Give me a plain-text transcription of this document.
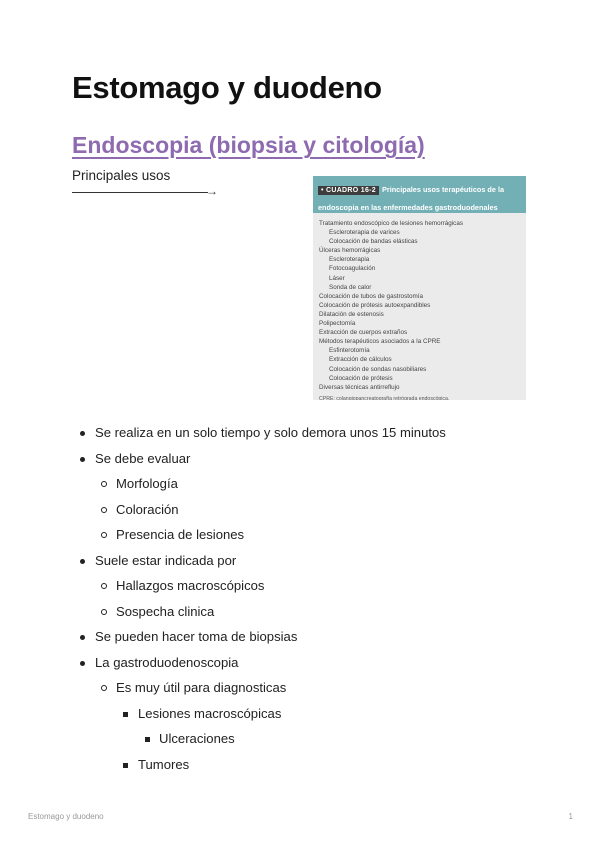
Estomago y duodeno
Endoscopia (biopsia y citología)
Principales usos
→	• CUADRO 16-2 Principales usos terapéuticos de la endoscopia en las enfermedades gastroduodenales
Tratamiento endoscópico de lesiones hemorrágicas
Escleroterapia de varices
Colocación de bandas elásticas
Úlceras hemorrágicas
Escleroterapia
Fotocoagulación
Láser
Sonda de calor
Colocación de tubos de gastrostomía
Colocación de prótesis autoexpandibles
Dilatación de estenosis
Polipectomía
Extracción de cuerpos extraños
Métodos terapéuticos asociados a la CPRE
Esfinterotomía
Extracción de cálculos
Colocación de sondas nasobiliares
Colocación de prótesis
Diversas técnicas antirreflujo
CPRE: colangiopancreatografía retrógrada endoscópica.
Se realiza en un solo tiempo y solo demora unos 15 minutos
Se debe evaluar
Morfología
Coloración
Presencia de lesiones
Suele estar indicada por
Hallazgos macroscópicos
Sospecha clinica
Se pueden hacer toma de biopsias
La gastroduodenoscopia
Es muy útil para diagnosticas
Lesiones macroscópicas
Ulceraciones
Tumores
Estomago y duodeno	1
